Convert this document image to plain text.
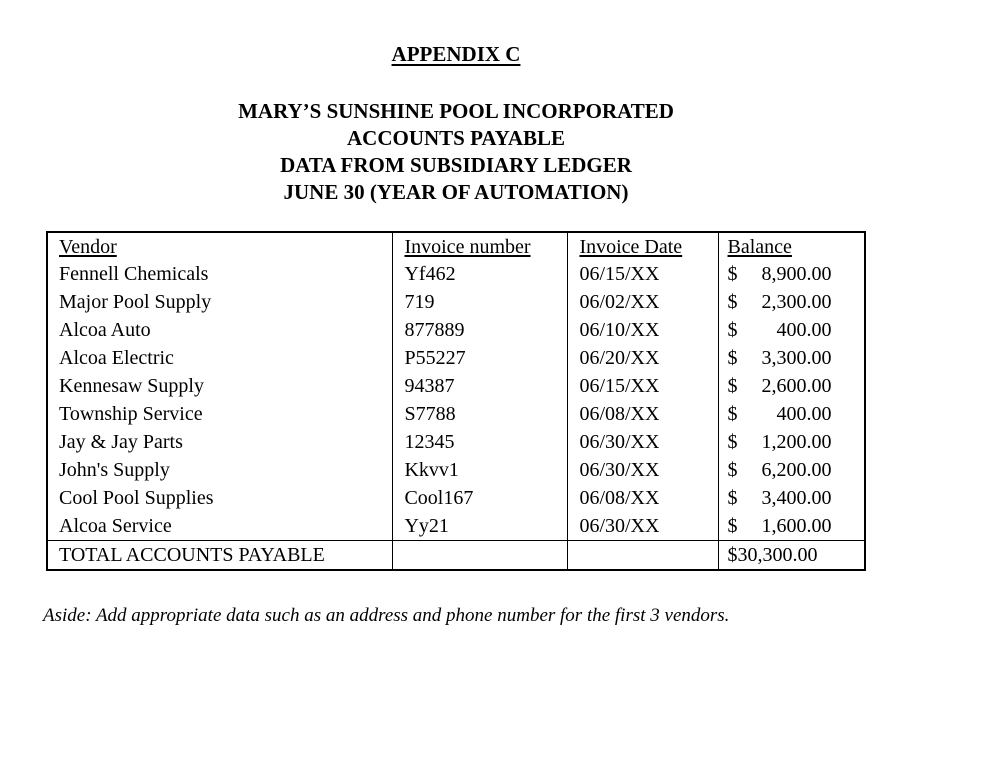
APPENDIX C
MARY’S SUNSHINE POOL INCORPORATED
ACCOUNTS PAYABLE
DATA FROM SUBSIDIARY LEDGER
JUNE 30 (YEAR OF AUTOMATION)
Vendor	Invoice number	Invoice Date	Balance
Fennell Chemicals	Yf462	06/15/XX	$ 8,900.00
Major Pool Supply	719	06/02/XX	$ 2,300.00
Alcoa Auto	877889	06/10/XX	$ 400.00
Alcoa Electric	P55227	06/20/XX	$ 3,300.00
Kennesaw Supply	94387	06/15/XX	$ 2,600.00
Township Service	S7788	06/08/XX	$ 400.00
Jay & Jay Parts	12345	06/30/XX	$ 1,200.00
John's Supply	Kkvv1	06/30/XX	$ 6,200.00
Cool Pool Supplies	Cool167	06/08/XX	$ 3,400.00
Alcoa Service	Yy21	06/30/XX	$ 1,600.00
TOTAL ACCOUNTS PAYABLE			$30,300.00

Aside: Add appropriate data such as an address and phone number for the first 3 vendors.
